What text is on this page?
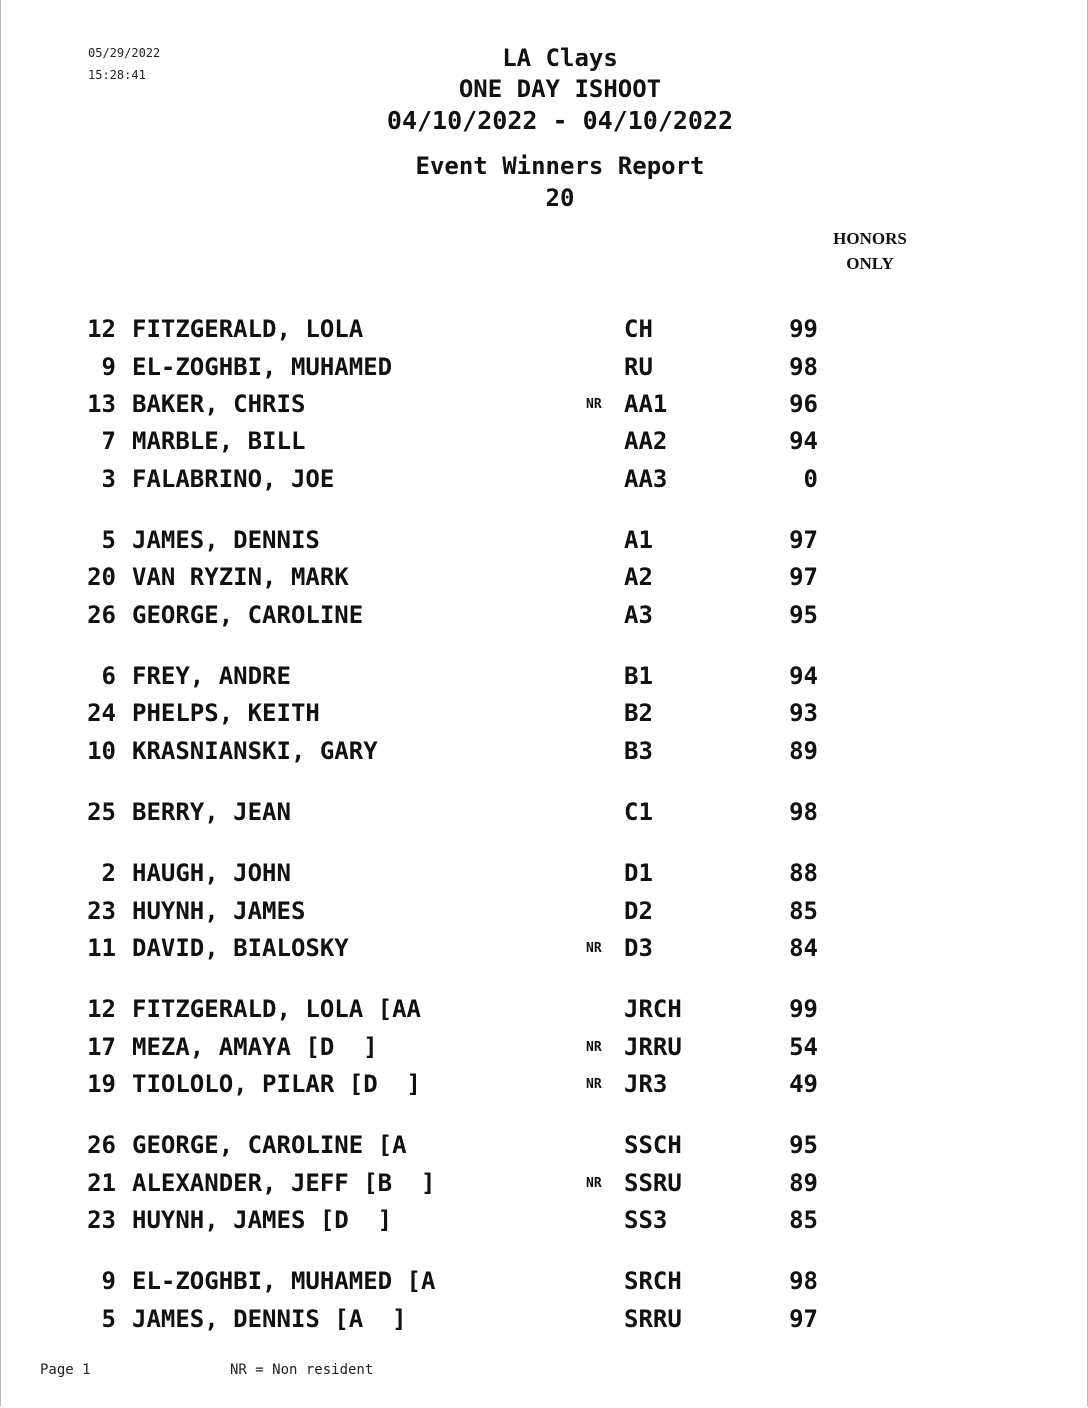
05/29/2022
15:28:41
LA Clays
ONE DAY ISHOOT
04/10/2022 - 04/10/2022
Event Winners Report
20
HONORS
ONLY
12 FITZGERALD, LOLA	CH	99
9 EL-ZOGHBI, MUHAMED	RU	98
13 BAKER, CHRIS	NR AA1	96
7 MARBLE, BILL	AA2	94
3 FALABRINO, JOE	AA3	0
5 JAMES, DENNIS	A1	97
20 VAN RYZIN, MARK	A2	97
26 GEORGE, CAROLINE	A3	95
6 FREY, ANDRE	B1	94
24 PHELPS, KEITH	B2	93
10 KRASNIANSKI, GARY	B3	89
25 BERRY, JEAN	C1	98
2 HAUGH, JOHN	D1	88
23 HUYNH, JAMES	D2	85
11 DAVID, BIALOSKY	NR D3	84
12 FITZGERALD, LOLA [AA	JRCH	99
17 MEZA, AMAYA [D  ]	NR JRRU	54
19 TIOLOLO, PILAR [D  ]	NR JR3	49
26 GEORGE, CAROLINE [A	SSCH	95
21 ALEXANDER, JEFF [B  ]	NR SSRU	89
23 HUYNH, JAMES [D  ]	SS3	85
9 EL-ZOGHBI, MUHAMED [A	SRCH	98
5 JAMES, DENNIS [A  ]	SRRU	97
Page 1	NR = Non resident
